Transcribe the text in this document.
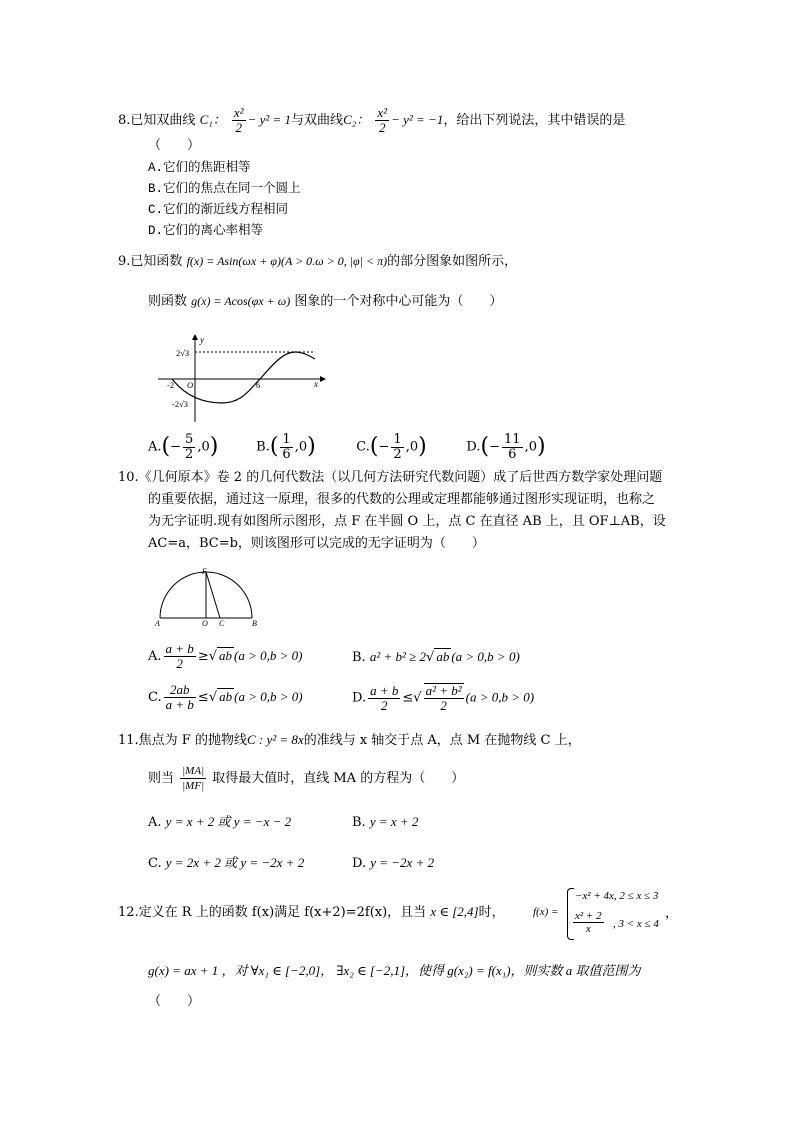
8.已知双曲线 C₁： $\frac{\text{x²}}{2} - y^2 = 1$与双曲线C₂： $\frac{\text{x²}}{2} - y^2 = -1$，给出下列说法，其中错误的是
（　　）
A.它们的焦距相等
B.它们的焦点在同一个圆上
C.它们的渐近线方程相同
D.它们的离心率相等
9.已知函数 f(x) = Asin(ωx + φ)(A > 0.ω > 0, |φ| < π)的部分图象如图所示，
则函数 g(x) = Acos(φx + ω) 图象的一个对称中心可能为（　　）
y
x
2√3
-2√3
-2 O	6
$A.(- \frac{5}{2} ,0)$	$B.( \frac{1}{6} ,0)$	$C.(- \frac{1}{2} ,0)$	$D.(- \frac{11}{6} ,0)$
10.《几何原本》卷 2 的几何代数法（以几何方法研究代数问题）成了后世西方数学家处理问题
的重要依据，通过这一原理，很多的代数的公理或定理都能够通过图形实现证明，也称之
为无字证明.现有如图所示图形，点 F 在半圆 O 上，点 C 在直径 AB 上，且 OF⊥AB，设
AC=a，BC=b，则该图形可以完成的无字证明为（　　）
F
A	O C	B
A. $\frac{a + b}{2}$ ≥√ ab (a > 0,b > 0)	B. a² + b² ≥ 2√ ab (a > 0,b > 0)
C. $\frac{2ab}{a + b}$ ≤√ ab (a > 0,b > 0)	D. $\frac{a + b}{2}$ ≤√ $\frac{\text{a² + b²}}{2} (a > 0,b > 0)$
11.焦点为 F 的抛物线C : y² = 8x的准线与 x 轴交于点 A，点 M 在抛物线 C 上，
则当 $\frac{|MA|}{|MF|}$ 取得最大值时，直线 MA 的方程为（　　）
A. y = x + 2 或 y = −x − 2	B. y = x + 2
C. y = 2x + 2 或 y = −2x + 2	D. y = −2x + 2
12.定义在 R 上的函数 f(x)满足 f(x+2)=2f(x)，且当 x ∈ [2,4]时，	f(x) =
−x² + 4x, 2 ≤ x ≤ 3
$\frac{\text{x² + 2}}{x}$ , 3 < x ≤ 4
，
g(x) = ax + 1 ，对 ∀x₁ ∈ [−2,0]， ∃x₂ ∈ [−2,1]，使得 g(x₂) = f(x₁)，则实数 a 取值范围为
（　　）
